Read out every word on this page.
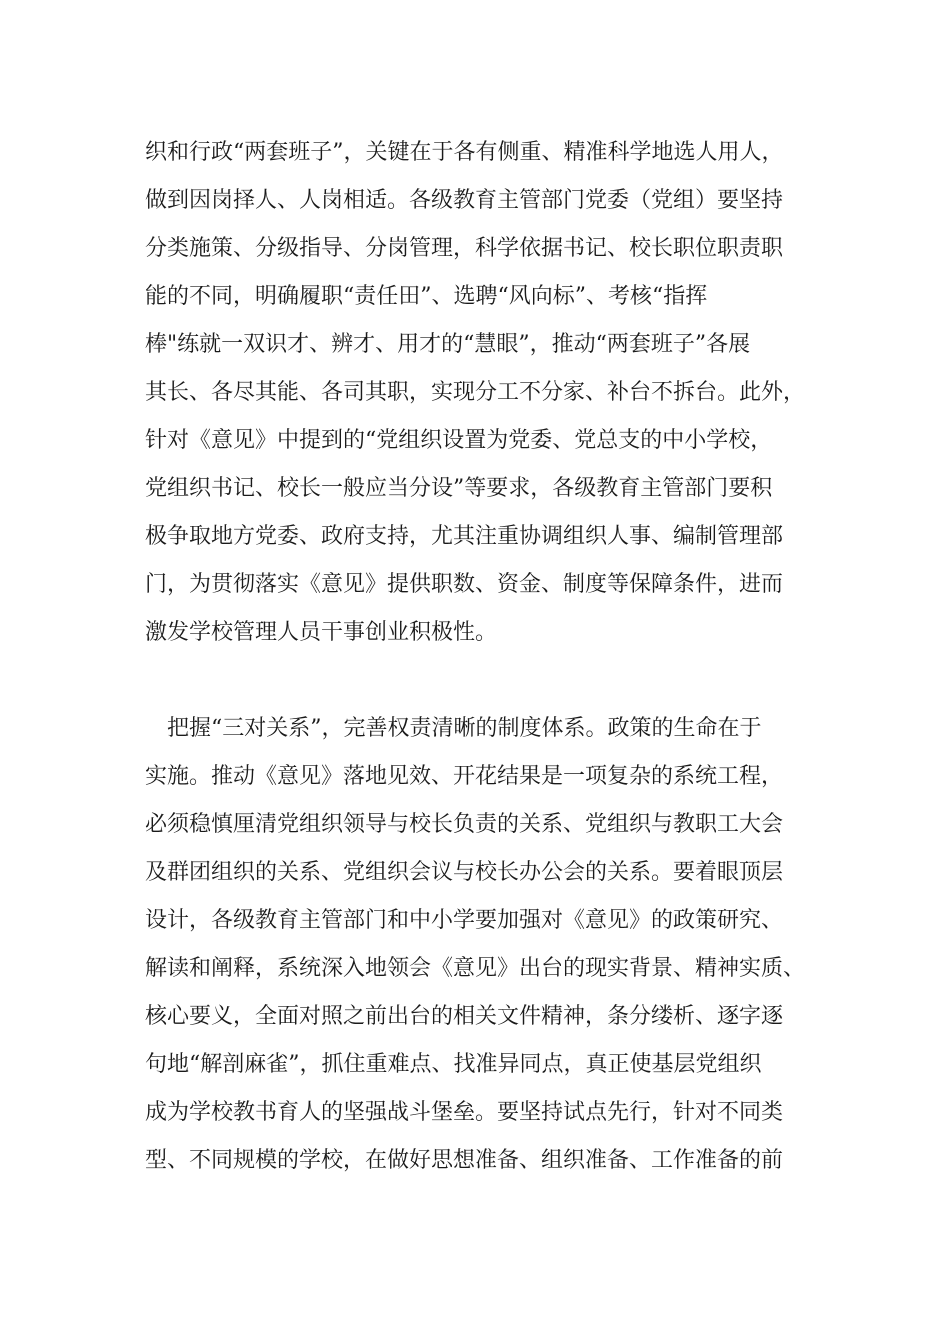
织和行政“两套班子”，关键在于各有侧重、精准科学地选人用人，
做到因岗择人、人岗相适。各级教育主管部门党委（党组）要坚持
分类施策、分级指导、分岗管理，科学依据书记、校长职位职责职
能的不同，明确履职“责任田”、选聘“风向标”、考核“指挥
棒"练就一双识才、辨才、用才的“慧眼”，推动“两套班子”各展
其长、各尽其能、各司其职，实现分工不分家、补台不拆台。此外，
针对《意见》中提到的“党组织设置为党委、党总支的中小学校，
党组织书记、校长一般应当分设”等要求，各级教育主管部门要积
极争取地方党委、政府支持，尤其注重协调组织人事、编制管理部
门，为贯彻落实《意见》提供职数、资金、制度等保障条件，进而
激发学校管理人员干事创业积极性。
　把握“三对关系”，完善权责清晰的制度体系。政策的生命在于
实施。推动《意见》落地见效、开花结果是一项复杂的系统工程，
必须稳慎厘清党组织领导与校长负责的关系、党组织与教职工大会
及群团组织的关系、党组织会议与校长办公会的关系。要着眼顶层
设计，各级教育主管部门和中小学要加强对《意见》的政策研究、
解读和阐释，系统深入地领会《意见》出台的现实背景、精神实质、
核心要义，全面对照之前出台的相关文件精神，条分缕析、逐字逐
句地“解剖麻雀”，抓住重难点、找准异同点，真正使基层党组织
成为学校教书育人的坚强战斗堡垒。要坚持试点先行，针对不同类
型、不同规模的学校，在做好思想准备、组织准备、工作准备的前
